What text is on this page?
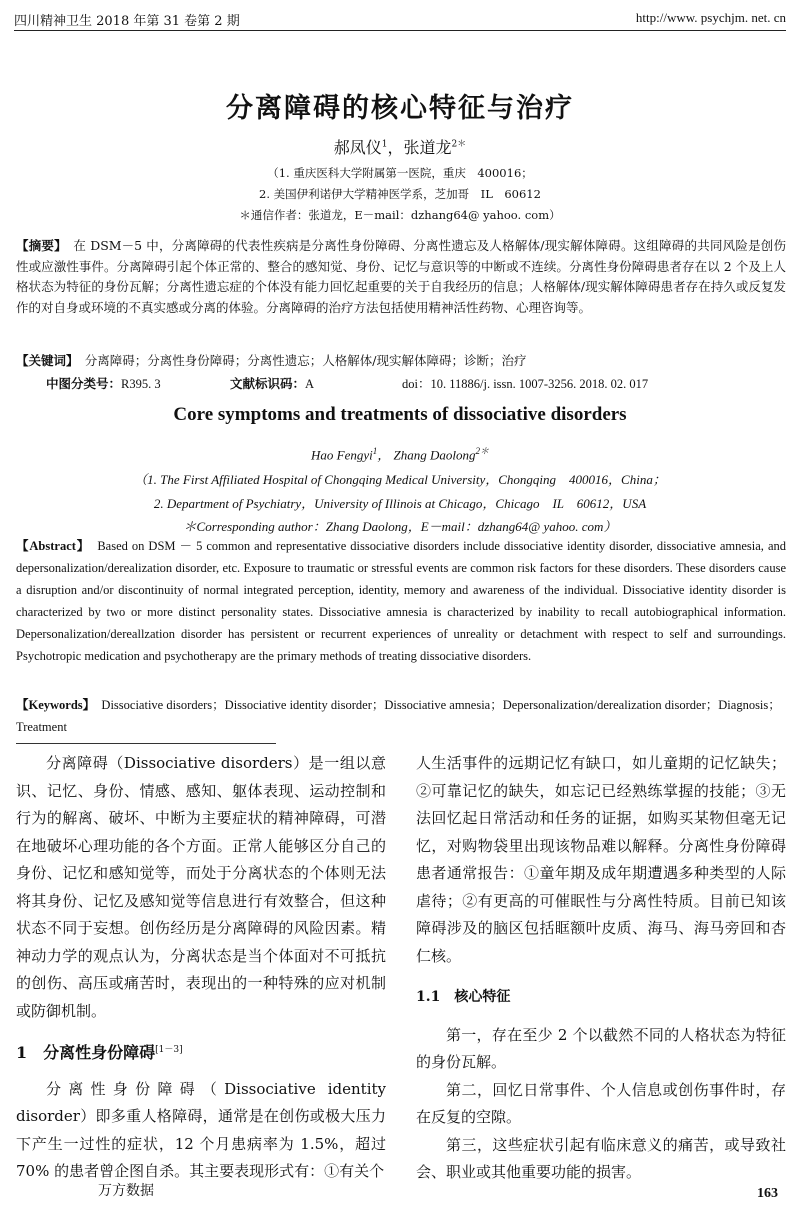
四川精神卫生 2018 年第 31 卷第 2 期	http://www. psychjm. net. cn
分离障碍的核心特征与治疗
郝凤仪$^1$，张道龙$^{2*}$
（1. 重庆医科大学附属第一医院，重庆　400016；
2. 美国伊利诺伊大学精神医学系，芝加哥　IL　60612
＊通信作者：张道龙，E－mail：dzhang64@ yahoo. com）
【摘要】　在 DSM－5 中，分离障碍的代表性疾病是分离性身份障碍、分离性遗忘及人格解体/现实解体障碍。这组障碍的共同风险是创伤性或应激性事件。分离障碍引起个体正常的、整合的感知觉、身份、记忆与意识等的中断或不连续。分离性身份障碍患者存在以 2 个及上人格状态为特征的身份瓦解；分离性遗忘症的个体没有能力回忆起重要的关于自我经历的信息；人格解体/现实解体障碍患者存在持久或反复发作的对自身或环境的不真实感或分离的体验。分离障碍的治疗方法包括使用精神活性药物、心理咨询等。
【关键词】　分离障碍；分离性身份障碍；分离性遗忘；人格解体/现实解体障碍；诊断；治疗
中图分类号：R395. 3	文献标识码：A	doi：10. 11886/j. issn. 1007-3256. 2018. 02. 017
Core symptoms and treatments of dissociative disorders
Hao Fengyi$^1$， Zhang Daolong$^{2*}$
（1. The First Affiliated Hospital of Chongqing Medical University，Chongqing　400016，China；
2. Department of Psychiatry，University of Illinois at Chicago，Chicago　IL　60612，USA
＊Corresponding author：Zhang Daolong，E－mail：dzhang64@ yahoo. com）
【Abstract】　Based on DSM － 5 common and representative dissociative disorders include dissociative identity disorder, dissociative amnesia, and depersonalization/derealization disorder, etc. Exposure to traumatic or stressful events are common risk factors for these disorders. These disorders cause a disruption and/or discontinuity of normal integrated perception, identity, memory and awareness of the individual. Dissociative identity disorder is characterized by two or more distinct personality states. Dissociative amnesia is characterized by inability to recall autobiographical information. Depersonalization/dereallzation disorder has persistent or recurrent experiences of unreality or detachment with respect to self and surroundings. Psychotropic medication and psychotherapy are the primary methods of treating dissociative disorders.
【Keywords】　Dissociative disorders；Dissociative identity disorder；Dissociative amnesia；Depersonalization/derealization disorder；Diagnosis；Treatment

分离障碍（Dissociative disorders）是一组以意识、记忆、身份、情感、感知、躯体表现、运动控制和行为的解离、破坏、中断为主要症状的精神障碍，可潜在地破坏心理功能的各个方面。正常人能够区分自己的身份、记忆和感知觉等，而处于分离状态的个体则无法将其身份、记忆及感知觉等信息进行有效整合，但这种状态不同于妄想。创伤经历是分离障碍的风险因素。精神动力学的观点认为，分离状态是当个体面对不可抵抗的创伤、高压或痛苦时，表现出的一种特殊的应对机制或防御机制。

1　分离性身份障碍[1－3]

分离性身份障碍（Dissociative identity disorder）即多重人格障碍，通常是在创伤或极大压力下产生一过性的症状，12 个月患病率为 1.5%，超过 70% 的患者曾企图自杀。其主要表现形式有：①有关个

人生活事件的远期记忆有缺口，如儿童期的记忆缺失；②可靠记忆的缺失，如忘记已经熟练掌握的技能；③无法回忆起日常活动和任务的证据，如购买某物但毫无记忆，对购物袋里出现该物品难以解释。分离性身份障碍患者通常报告：①童年期及成年期遭遇多种类型的人际虐待；②有更高的可催眠性与分离性特质。目前已知该障碍涉及的脑区包括眶额叶皮质、海马、海马旁回和杏仁核。

1.1　核心特征

第一，存在至少 2 个以截然不同的人格状态为特征的身份瓦解。

第二，回忆日常事件、个人信息或创伤事件时，存在反复的空隙。

第三，这些症状引起有临床意义的痛苦，或导致社会、职业或其他重要功能的损害。

万方数据	163
